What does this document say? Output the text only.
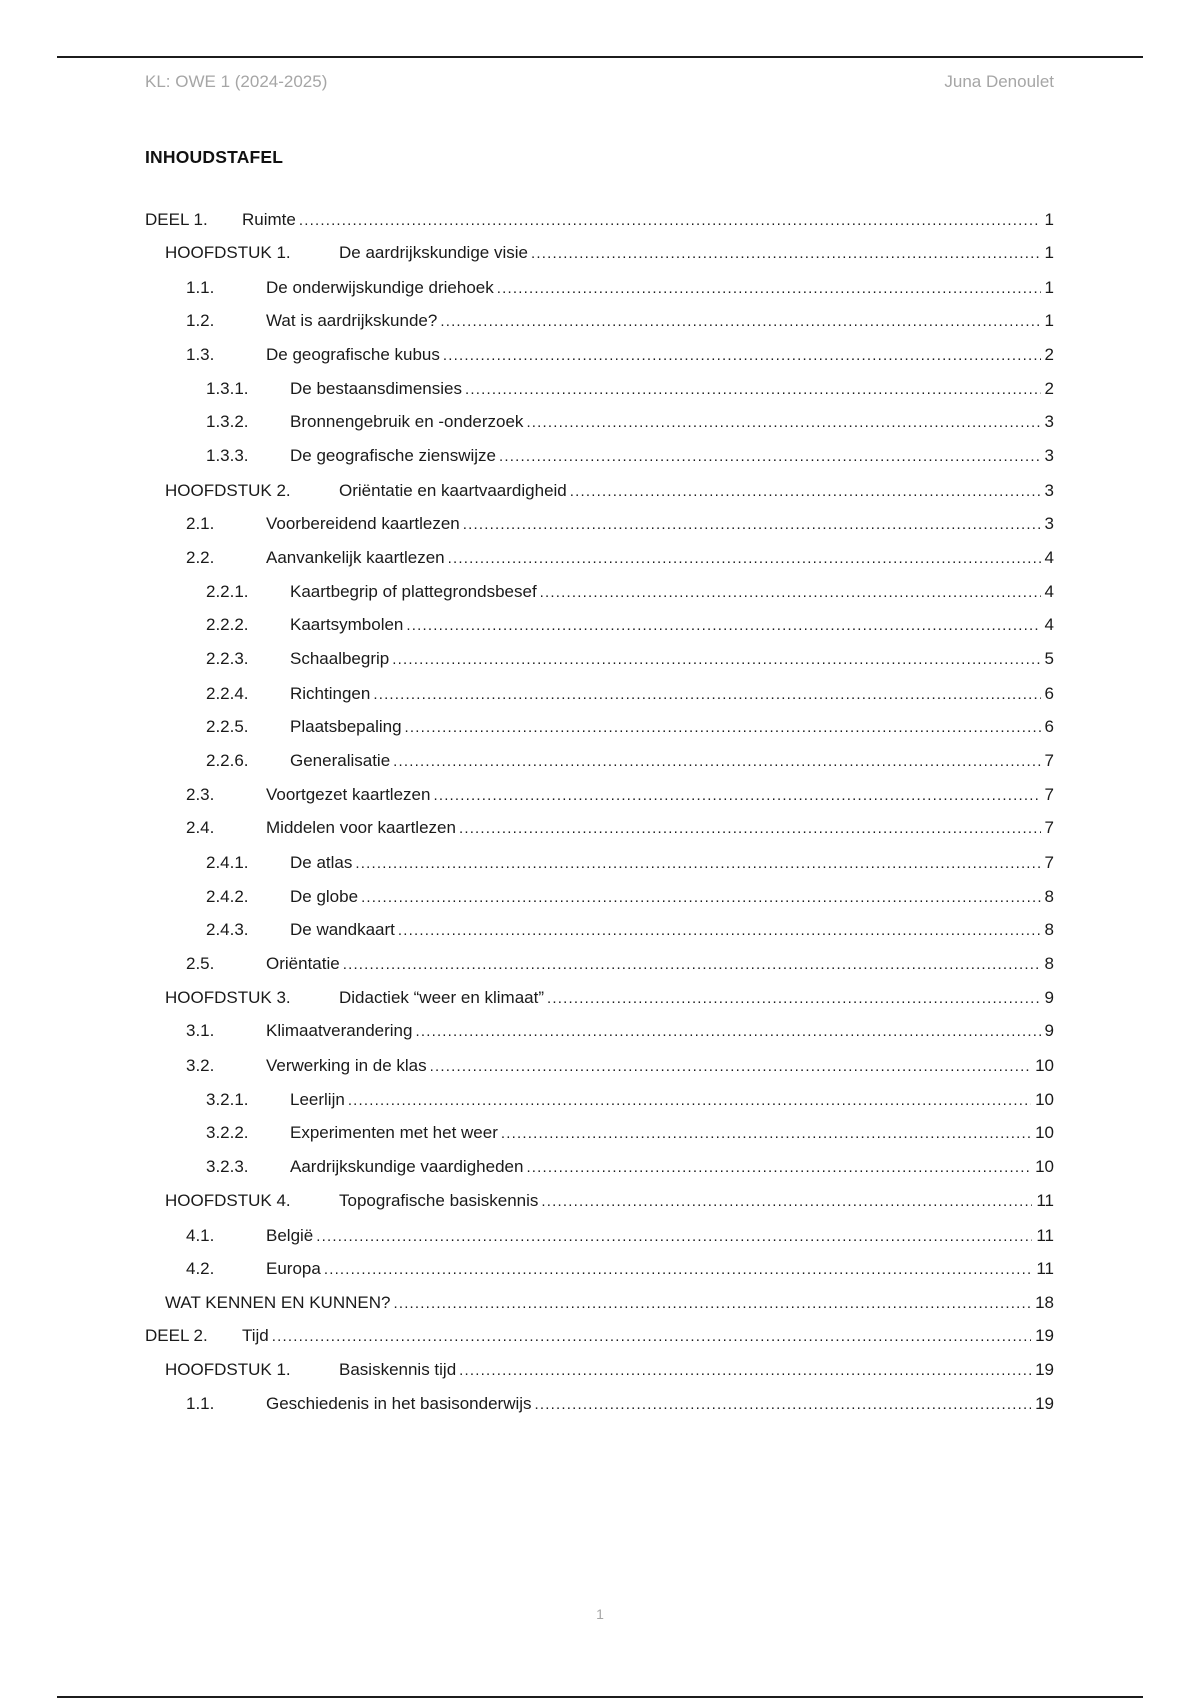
KL: OWE 1 (2024-2025)	Juna Denoulet
INHOUDSTAFEL
DEEL 1. Ruimte .....	1
HOOFDSTUK 1.	De aardrijkskundige visie .....	1
1.1.	De onderwijskundige driehoek .....	1
1.2.	Wat is aardrijkskunde? .....	1
1.3.	De geografische kubus .....	2
1.3.1. De bestaansdimensies .....	2
1.3.2. Bronnengebruik en -onderzoek .....	3
1.3.3. De geografische zienswijze .....	3
HOOFDSTUK 2.	Oriëntatie en kaartvaardigheid .....	3
2.1.	Voorbereidend kaartlezen .....	3
2.2.	Aanvankelijk kaartlezen .....	4
2.2.1. Kaartbegrip of plattegrondsbesef .....	4
2.2.2. Kaartsymbolen .....	4
2.2.3. Schaalbegrip .....	5
2.2.4. Richtingen .....	6
2.2.5. Plaatsbepaling .....	6
2.2.6. Generalisatie .....	7
2.3.	Voortgezet kaartlezen .....	7
2.4.	Middelen voor kaartlezen .....	7
2.4.1. De atlas .....	7
2.4.2. De globe .....	8
2.4.3. De wandkaart .....	8
2.5.	Oriëntatie .....	8
HOOFDSTUK 3.	Didactiek “weer en klimaat” .....	9
3.1.	Klimaatverandering .....	9
3.2.	Verwerking in de klas .....	10
3.2.1. Leerlijn .....	10
3.2.2. Experimenten met het weer .....	10
3.2.3. Aardrijkskundige vaardigheden .....	10
HOOFDSTUK 4.	Topografische basiskennis .....	11
4.1.	België .....	11
4.2.	Europa .....	11
WAT KENNEN EN KUNNEN? .....	18
DEEL 2. Tijd .....	19
HOOFDSTUK 1.	Basiskennis tijd .....	19
1.1.	Geschiedenis in het basisonderwijs .....	19
1
